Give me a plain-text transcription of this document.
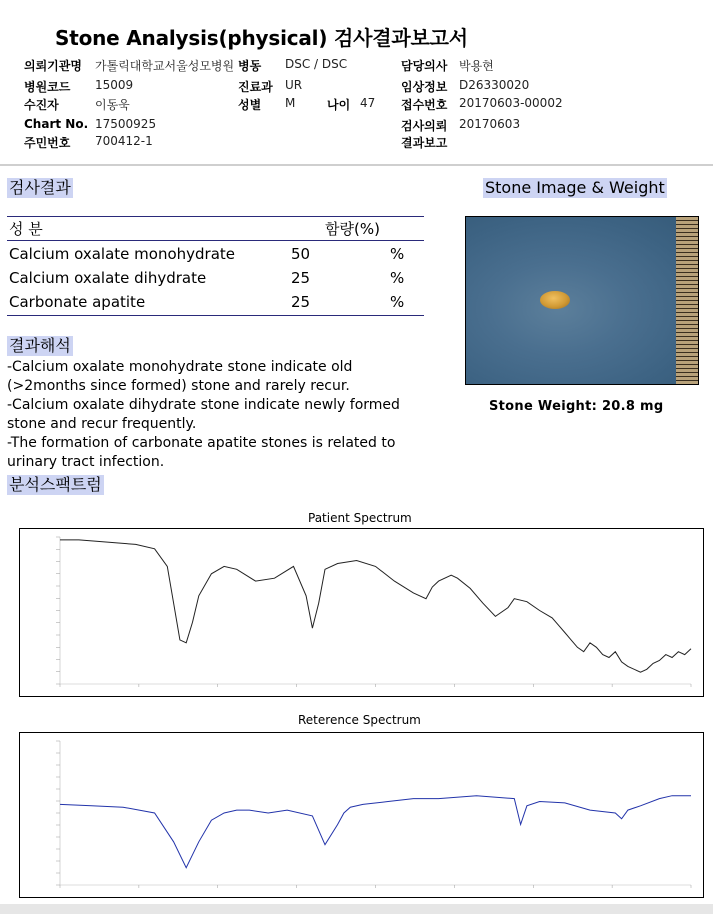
Stone Analysis(physical) 검사결과보고서
의뢰기관명 가톨릭대학교서울성모병원 병동 DSC / DSC	담당의사 박용현
병원코드 15009	진료과 UR	임상정보 D26330020
수진자	이동욱	성별 M	나이 47 접수번호 20170603-00002
Chart No. 17500925	검사의뢰 20170603
주민번호 700412-1	결과보고
검사결과
성 분	함량(%)
Calcium oxalate monohydrate	50	%
Calcium oxalate dihydrate	25	%
Carbonate apatite	25	%
Stone Image & Weight
Stone Weight: 20.8 mg
결과해석
-Calcium oxalate monohydrate stone indicate old
(>2months since formed) stone and rarely recur.
-Calcium oxalate dihydrate stone indicate newly formed
stone and recur frequently.
-The formation of carbonate apatite stones is related to
urinary tract infection.
분석스팩트럼
Patient Spectrum
Reterence Spectrum
